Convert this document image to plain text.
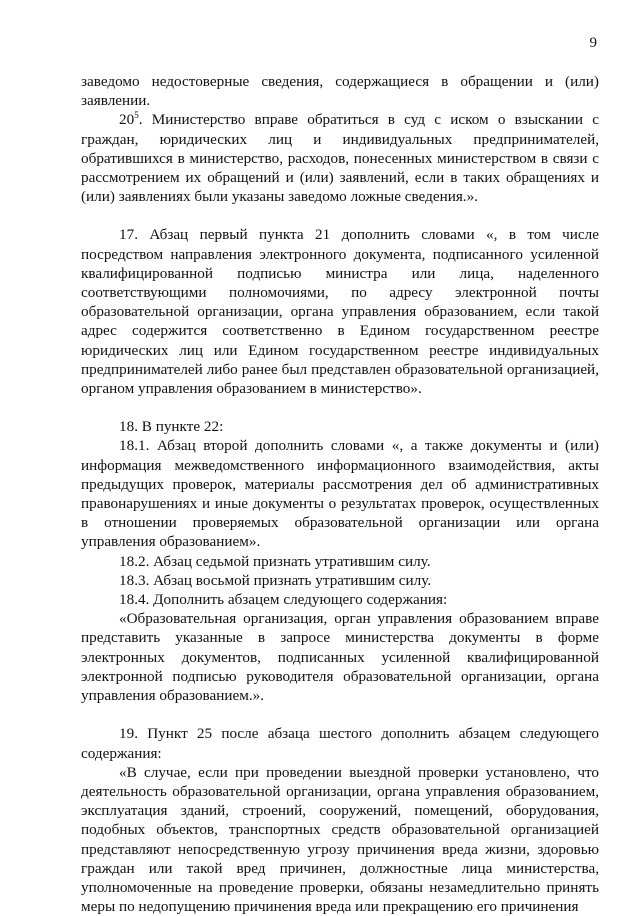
9

заведомо недостоверные сведения, содержащиеся в обращении и (или) заявлении.

$20^5$. Министерство вправе обратиться в суд с иском о взыскании с граждан, юридических лиц и индивидуальных предпринимателей, обратившихся в министерство, расходов, понесенных министерством в связи с рассмотрением их обращений и (или) заявлений, если в таких обращениях и (или) заявлениях были указаны заведомо ложные сведения.».

17. Абзац первый пункта 21 дополнить словами «, в том числе посредством направления электронного документа, подписанного усиленной квалифицированной подписью министра или лица, наделенного соответствующими полномочиями, по адресу электронной почты образовательной организации, органа управления образованием, если такой адрес содержится соответственно в Едином государственном реестре юридических лиц или Едином государственном реестре индивидуальных предпринимателей либо ранее был представлен образовательной организацией, органом управления образованием в министерство».

18. В пункте 22:

18.1. Абзац второй дополнить словами «, а также документы и (или) информация межведомственного информационного взаимодействия, акты предыдущих проверок, материалы рассмотрения дел об административных правонарушениях и иные документы о результатах проверок, осуществленных в отношении проверяемых образовательной организации или органа управления образованием».

18.2. Абзац седьмой признать утратившим силу.

18.3. Абзац восьмой признать утратившим силу.

18.4. Дополнить абзацем следующего содержания:

«Образовательная организация, орган управления образованием вправе представить указанные в запросе министерства документы в форме электронных документов, подписанных усиленной квалифицированной электронной подписью руководителя образовательной организации, органа управления образованием.».

19. Пункт 25 после абзаца шестого дополнить абзацем следующего содержания:

«В случае, если при проведении выездной проверки установлено, что деятельность образовательной организации, органа управления образованием, эксплуатация зданий, строений, сооружений, помещений, оборудования, подобных объектов, транспортных средств образовательной организацией представляют непосредственную угрозу причинения вреда жизни, здоровью граждан или такой вред причинен, должностные лица министерства, уполномоченные на проведение проверки, обязаны незамедлительно принять меры по недопущению причинения вреда или прекращению его причинения
